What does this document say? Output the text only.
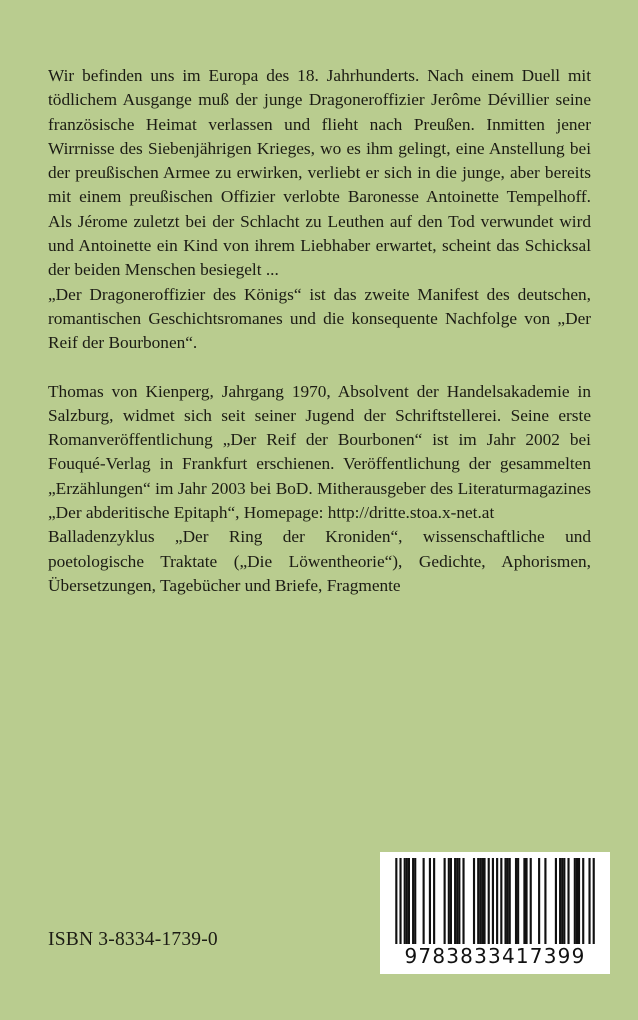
Wir befinden uns im Europa des 18. Jahrhunderts. Nach einem Duell mit tödlichem Ausgange muß der junge Dragoneroffizier Jerôme Dévillier seine französische Heimat verlassen und flieht nach Preußen. Inmitten jener Wirrnisse des Siebenjährigen Krieges, wo es ihm gelingt, eine Anstellung bei der preußischen Armee zu erwirken, verliebt er sich in die junge, aber bereits mit einem preußischen Offizier verlobte Baronesse Antoinette Tempelhoff. Als Jérome zuletzt bei der Schlacht zu Leuthen auf den Tod verwundet wird und Antoinette ein Kind von ihrem Liebhaber erwartet, scheint das Schicksal der beiden Menschen besiegelt ...

„Der Dragoneroffizier des Königs“ ist das zweite Manifest des deutschen, romantischen Geschichtsromanes und die konsequente Nachfolge von „Der Reif der Bourbonen“.

Thomas von Kienperg, Jahrgang 1970, Absolvent der Handelsakademie in Salzburg, widmet sich seit seiner Jugend der Schriftstellerei. Seine erste Romanveröffentlichung „Der Reif der Bourbonen“ ist im Jahr 2002 bei Fouqué-Verlag in Frankfurt erschienen. Veröffentlichung der gesammelten „Erzählungen“ im Jahr 2003 bei BoD. Mitherausgeber des Literaturmagazines „Der abderitische Epitaph“, Homepage: http://dritte.stoa.x-net.at

Balladenzyklus „Der Ring der Kroniden“, wissenschaftliche und poetologische Traktate („Die Löwentheorie“), Gedichte, Aphorismen, Übersetzungen, Tagebücher und Briefe, Fragmente

ISBN 3-8334-1739-0
9783833417399
